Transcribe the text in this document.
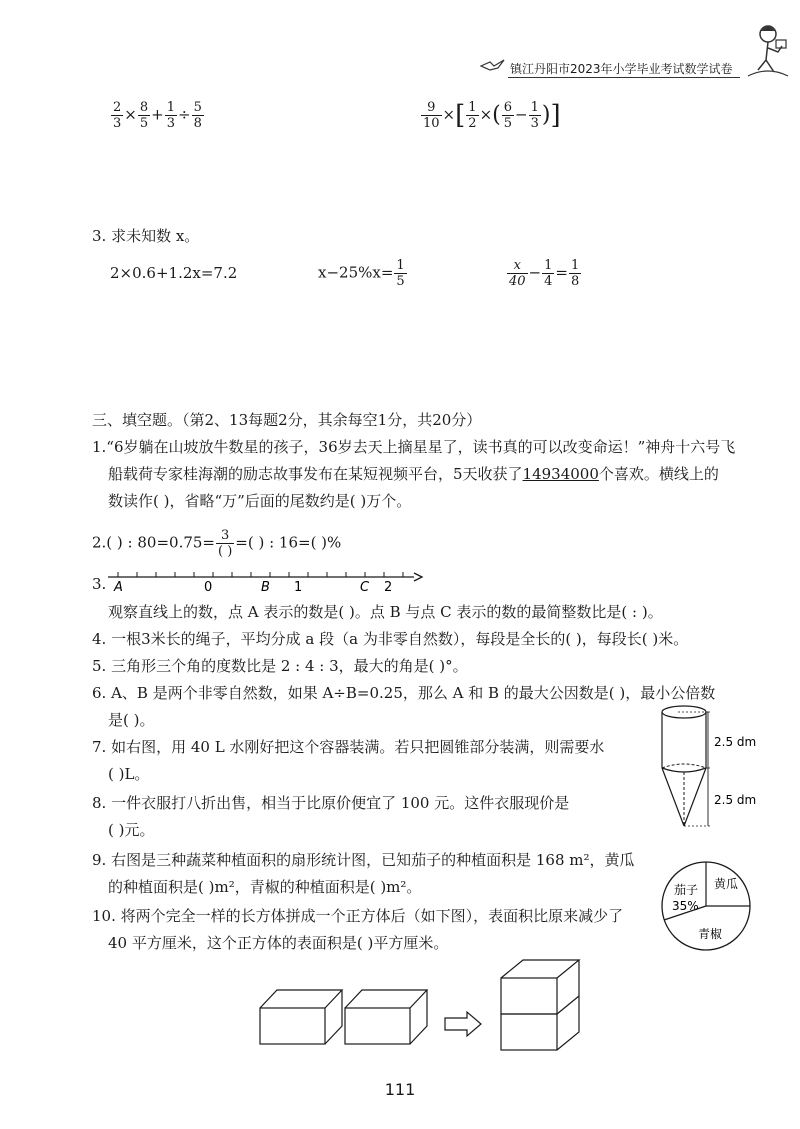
镇江丹阳市2023年小学毕业考试数学试卷
$\frac{2}{3} \times \frac{8}{5} + \frac{1}{3} \div \frac{5}{8}$	$\frac{9}{10}$ ×[ $\frac{1}{2}$ ×( $\frac{6}{5} - \frac{1}{3}$ )]
3. 求未知数 x。
2×0.6+1.2x=7.2	$x-25\%x= \frac{1}{5}$	$\frac{x}{40} - \frac{1}{4} = \frac{1}{8}$
三、填空题。（第2、13每题2分，其余每空1分，共20分）
1.“6岁躺在山坡放牛数星的孩子，36岁去天上摘星星了，读书真的可以改变命运！”神舟十六号飞
船载荷专家桂海潮的励志故事发布在某短视频平台，5天收获了14934000个喜欢。横线上的
数读作( )，省略“万”后面的尾数约是( )万个。
2.( ) : $80=0.75= \frac{3}{( )}$ =( ) : 16=( )%
3. A	0	B 1	C 2
观察直线上的数，点 A 表示的数是( )。点 B 与点 C 表示的数的最简整数比是( : )。
4. 一根3米长的绳子，平均分成 a 段（a 为非零自然数），每段是全长的( )，每段长( )米。
5. 三角形三个角的度数比是 2 : 4 : 3，最大的角是( )°。
6. A、B 是两个非零自然数，如果 A÷B=0.25，那么 A 和 B 的最大公因数是( )，最小公倍数
是( )。
7. 如右图，用 40 L 水刚好把这个容器装满。若只把圆锥部分装满，则需要水
( )L。
8. 一件衣服打八折出售，相当于比原价便宜了 100 元。这件衣服现价是
( )元。
9. 右图是三种蔬菜种植面积的扇形统计图，已知茄子的种植面积是 168 m²，黄瓜
的种植面积是( )m²，青椒的种植面积是( )m²。
10. 将两个完全一样的长方体拼成一个正方体后（如下图），表面积比原来减少了
40 平方厘米，这个正方体的表面积是( )平方厘米。
2.5 dm
2.5 dm
茄子
35%
黄瓜
青椒
111
